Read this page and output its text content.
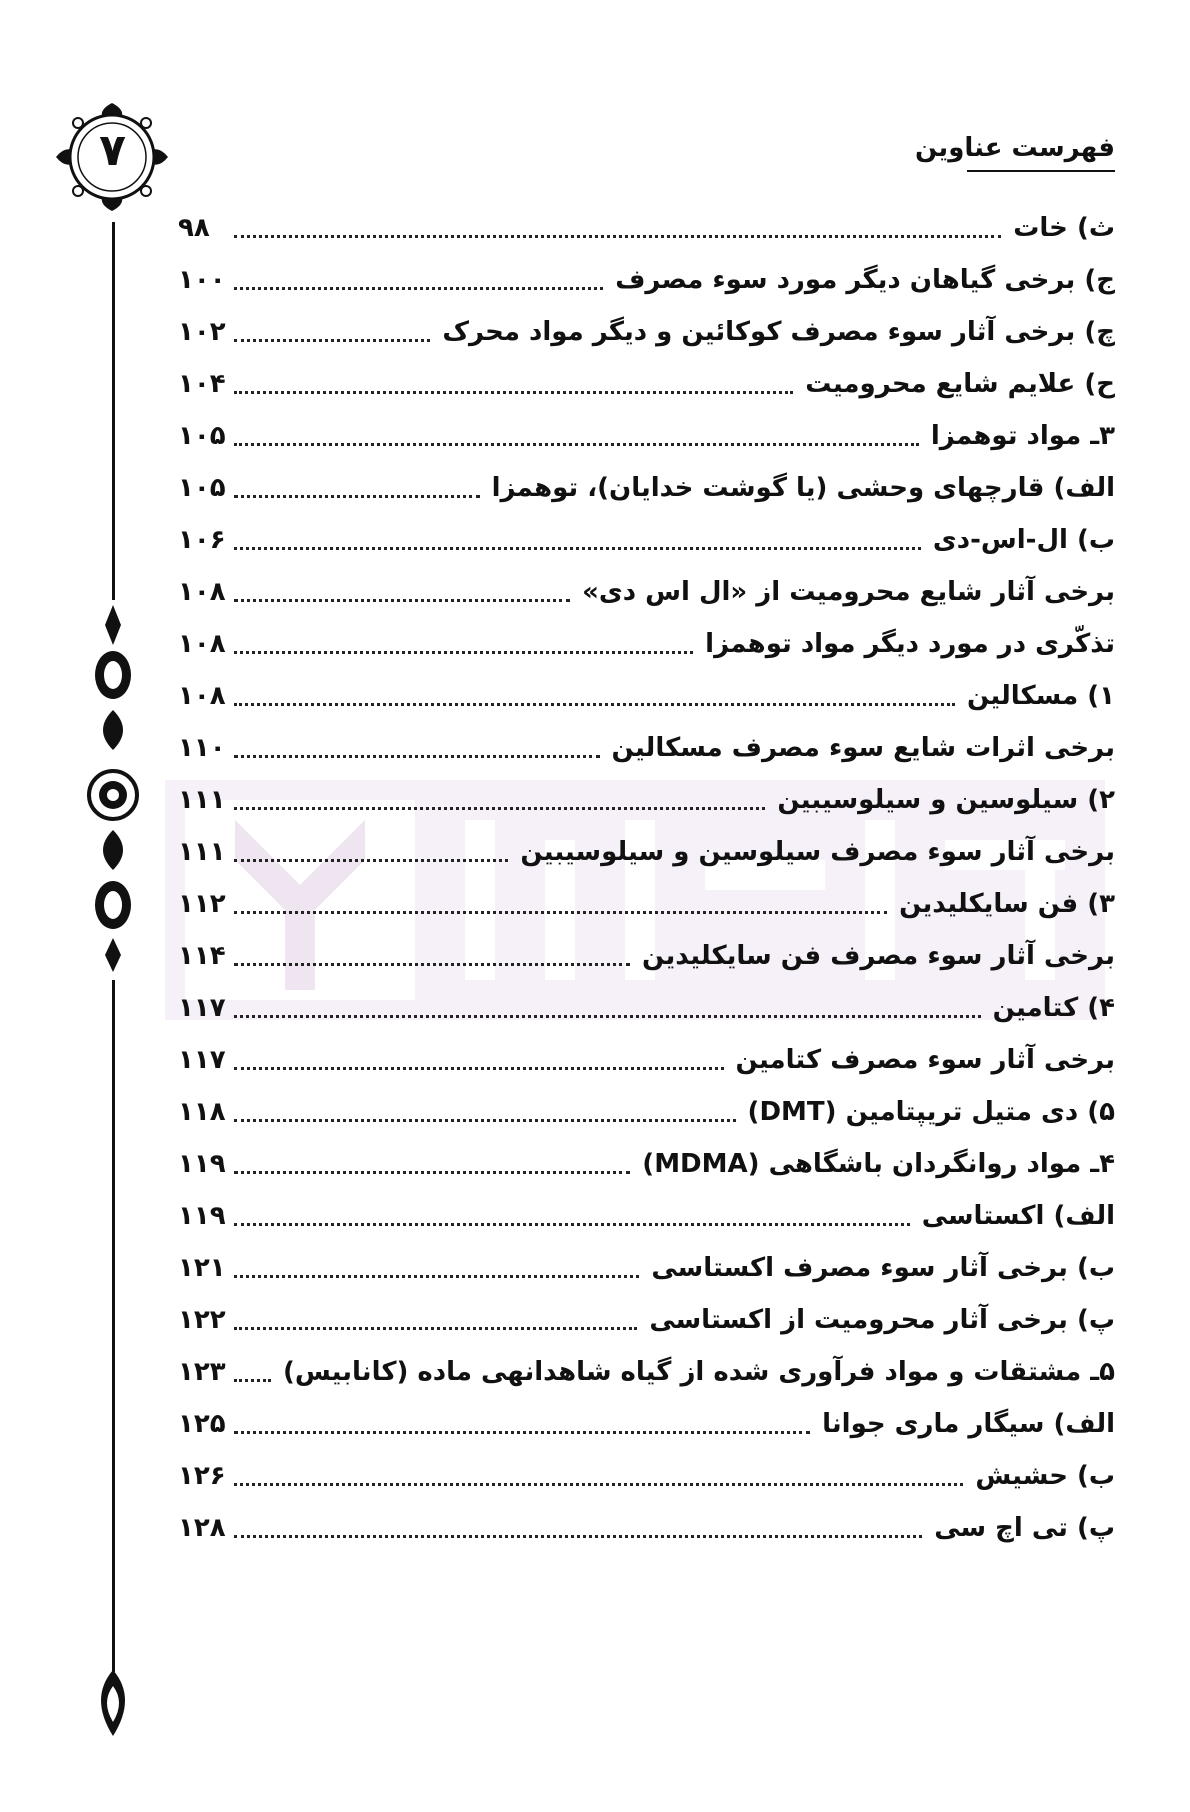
فهرست عناوین
۷
ث) خات
۹۸
ج) برخی گیاهان دیگر مورد سوء مصرف
۱۰۰
چ) برخی آثار سوء مصرف کوکائین و دیگر مواد محرک
۱۰۲
ح) علایم شایع محرومیت
۱۰۴
۳ـ مواد توهمزا
۱۰۵
الف) قارچهای وحشی (یا گوشت خدایان)، توهمزا
۱۰۵
ب) ال-اس-دی
۱۰۶
برخی آثار شایع محرومیت از «ال اس دی»
۱۰۸
تذکّری در مورد دیگر مواد توهمزا
۱۰۸
۱) مسکالین
۱۰۸
برخی اثرات شایع سوء مصرف مسکالین
۱۱۰
۲) سیلوسین و سیلوسیبین
۱۱۱
برخی آثار سوء مصرف سیلوسین و سیلوسیبین
۱۱۱
۳) فن سایکلیدین
۱۱۲
برخی آثار سوء مصرف فن سایکلیدین
۱۱۴
۴) کتامین
۱۱۷
برخی آثار سوء مصرف کتامین
۱۱۷
۵) دی متیل تریپتامین (DMT)
۱۱۸
۴ـ مواد روانگردان باشگاهی (MDMA)
۱۱۹
الف) اکستاسی
۱۱۹
ب) برخی آثار سوء مصرف اکستاسی
۱۲۱
پ) برخی آثار محرومیت از اکستاسی
۱۲۲
۵ـ مشتقات و مواد فرآوری شده از گیاه شاهدانهی ماده (کانابیس)
۱۲۳
الف) سیگار ماری جوانا
۱۲۵
ب) حشیش
۱۲۶
پ) تی اچ سی
۱۲۸
